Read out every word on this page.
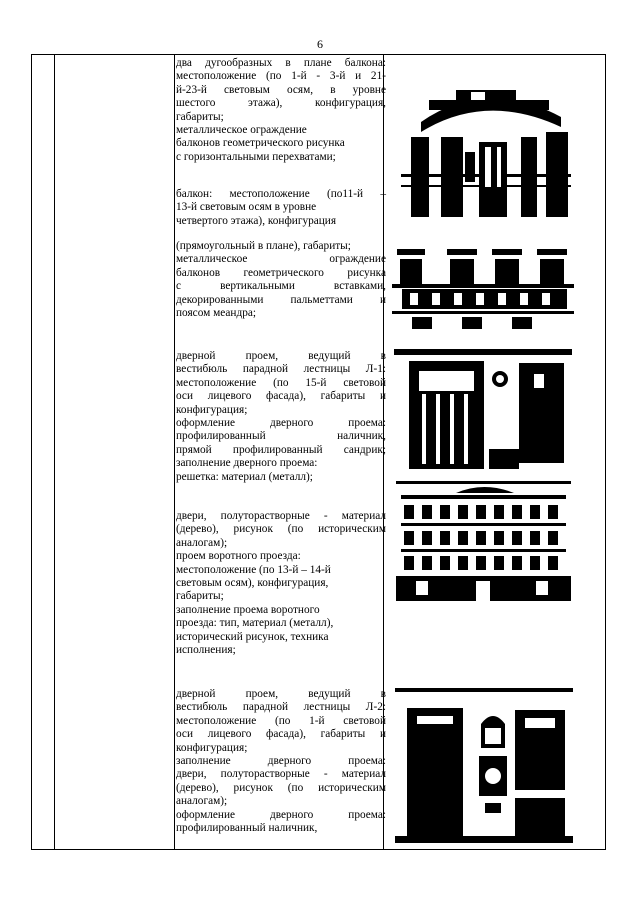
6
два дугообразных в плане балкона:
местоположение (по 1-й - 3-й и 21-
й-23-й световым осям, в уровне
шестого этажа), конфигурация,
габариты;
металлическое ограждение
балконов геометрического рисунка
с горизонтальными перехватами;
балкон: местоположение (по11-й –
13-й световым осям в уровне
четвертого этажа), конфигурация
(прямоугольный в плане), габариты;
металлическое ограждение
балконов геометрического рисунка
с вертикальными вставками,
декорированными пальметтами и
поясом меандра;
дверной проем, ведущий в
вестибюль парадной лестницы Л-1:
местоположение (по 15-й световой
оси лицевого фасада), габариты и
конфигурация;
оформление дверного проема:
профилированный наличник,
прямой профилированный сандрик;
заполнение дверного проема:
решетка: материал (металл);
двери, полуторастворные - материал
(дерево), рисунок (по историческим
аналогам);
проем воротного проезда:
местоположение (по 13-й – 14-й
световым осям), конфигурация,
габариты;
заполнение проема воротного
проезда: тип, материал (металл),
исторический рисунок, техника
исполнения;
дверной проем, ведущий в
вестибюль парадной лестницы Л-2:
местоположение (по 1-й световой
оси лицевого фасада), габариты и
конфигурация;
заполнение дверного проема:
двери, полуторастворные - материал
(дерево), рисунок (по историческим
аналогам);
оформление дверного проема:
профилированный наличник,
